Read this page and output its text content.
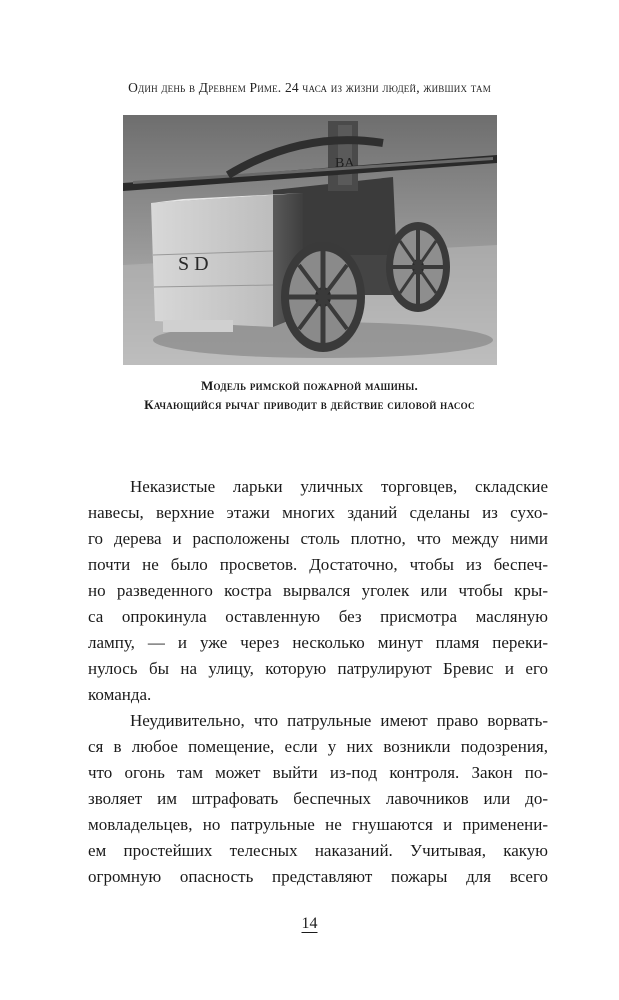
Один день в Древнем Риме. 24 часа из жизни людей, живших там
BA
S D
Модель римской пожарной машины.
Качающийся рычаг приводит в действие силовой насос
Неказистые ларьки уличных торговцев, складские
навесы, верхние этажи многих зданий сделаны из сухо-
го дерева и расположены столь плотно, что между ними
почти не было просветов. Достаточно, чтобы из беспеч-
но разведенного костра вырвался уголек или чтобы кры-
са опрокинула оставленную без присмотра масляную
лампу, — и уже через несколько минут пламя переки-
нулось бы на улицу, которую патрулируют Бревис и его
команда.
Неудивительно, что патрульные имеют право ворвать-
ся в любое помещение, если у них возникли подозрения,
что огонь там может выйти из-под контроля. Закон по-
зволяет им штрафовать беспечных лавочников или до-
мовладельцев, но патрульные не гнушаются и применени-
ем простейших телесных наказаний. Учитывая, какую
огромную опасность представляют пожары для всего
14
